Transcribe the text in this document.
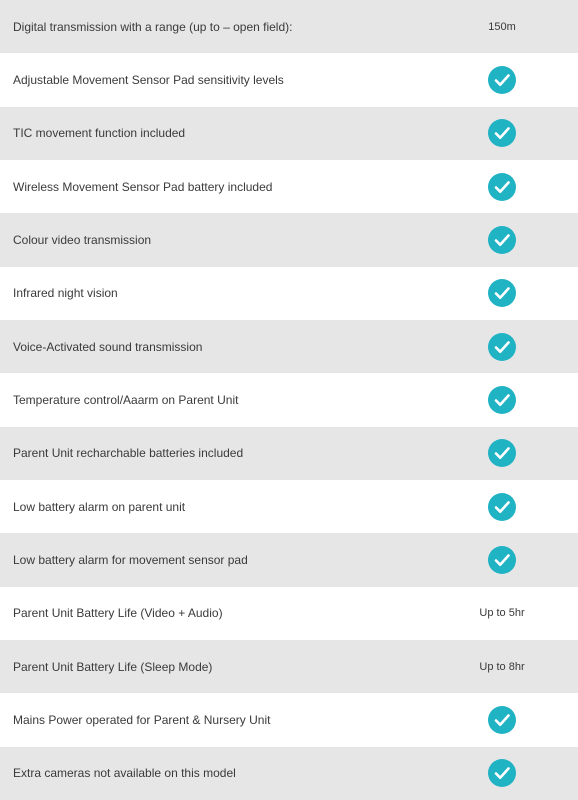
Digital transmission with a range (up to – open field):	150m
Adjustable Movement Sensor Pad sensitivity levels
TIC movement function included
Wireless Movement Sensor Pad battery included
Colour video transmission
Infrared night vision
Voice-Activated sound transmission
Temperature control/Aaarm on Parent Unit
Parent Unit recharchable batteries included
Low battery alarm on parent unit
Low battery alarm for movement sensor pad
Parent Unit Battery Life (Video + Audio)	Up to 5hr
Parent Unit Battery Life (Sleep Mode)	Up to 8hr
Mains Power operated for Parent & Nursery Unit
Extra cameras not available on this model
